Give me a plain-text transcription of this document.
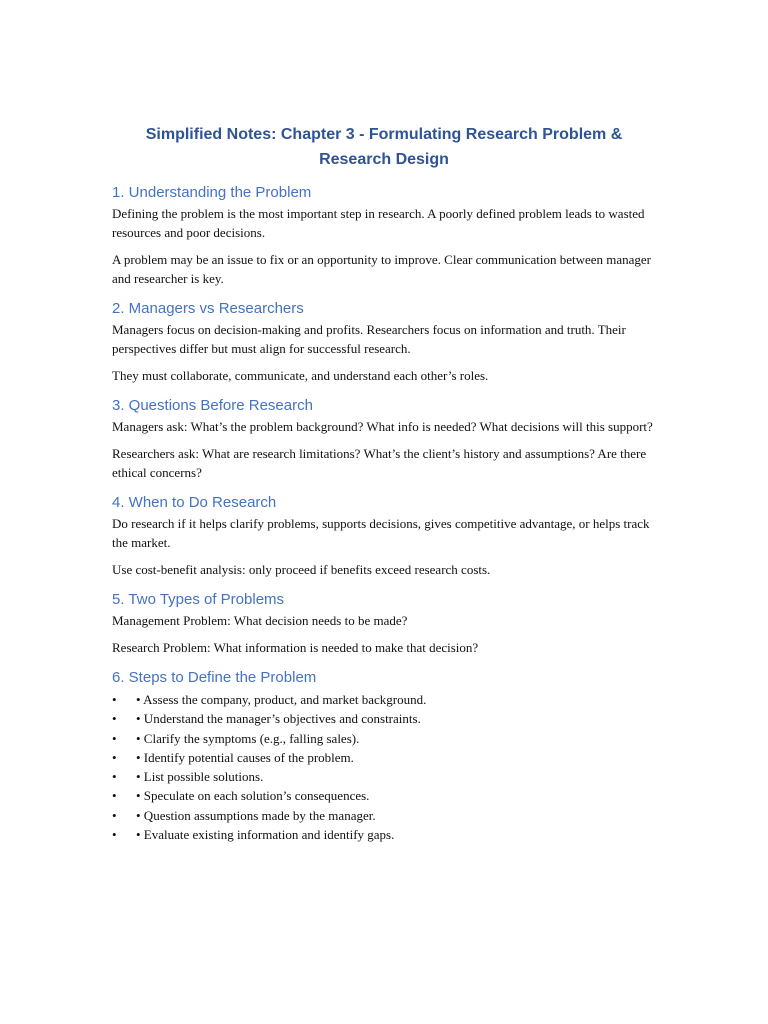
Simplified Notes: Chapter 3 - Formulating Research Problem & Research Design
1. Understanding the Problem

Defining the problem is the most important step in research. A poorly defined problem leads to wasted resources and poor decisions.

A problem may be an issue to fix or an opportunity to improve. Clear communication between manager and researcher is key.

2. Managers vs Researchers

Managers focus on decision-making and profits. Researchers focus on information and truth. Their perspectives differ but must align for successful research.

They must collaborate, communicate, and understand each other’s roles.

3. Questions Before Research

Managers ask: What’s the problem background? What info is needed? What decisions will this support?

Researchers ask: What are research limitations? What’s the client’s history and assumptions? Are there ethical concerns?

4. When to Do Research

Do research if it helps clarify problems, supports decisions, gives competitive advantage, or helps track the market.

Use cost-benefit analysis: only proceed if benefits exceed research costs.

5. Two Types of Problems

Management Problem: What decision needs to be made?

Research Problem: What information is needed to make that decision?

6. Steps to Define the Problem
• • Assess the company, product, and market background.
• • Understand the manager’s objectives and constraints.
• • Clarify the symptoms (e.g., falling sales).
• • Identify potential causes of the problem.
• • List possible solutions.
• • Speculate on each solution’s consequences.
• • Question assumptions made by the manager.
• • Evaluate existing information and identify gaps.
